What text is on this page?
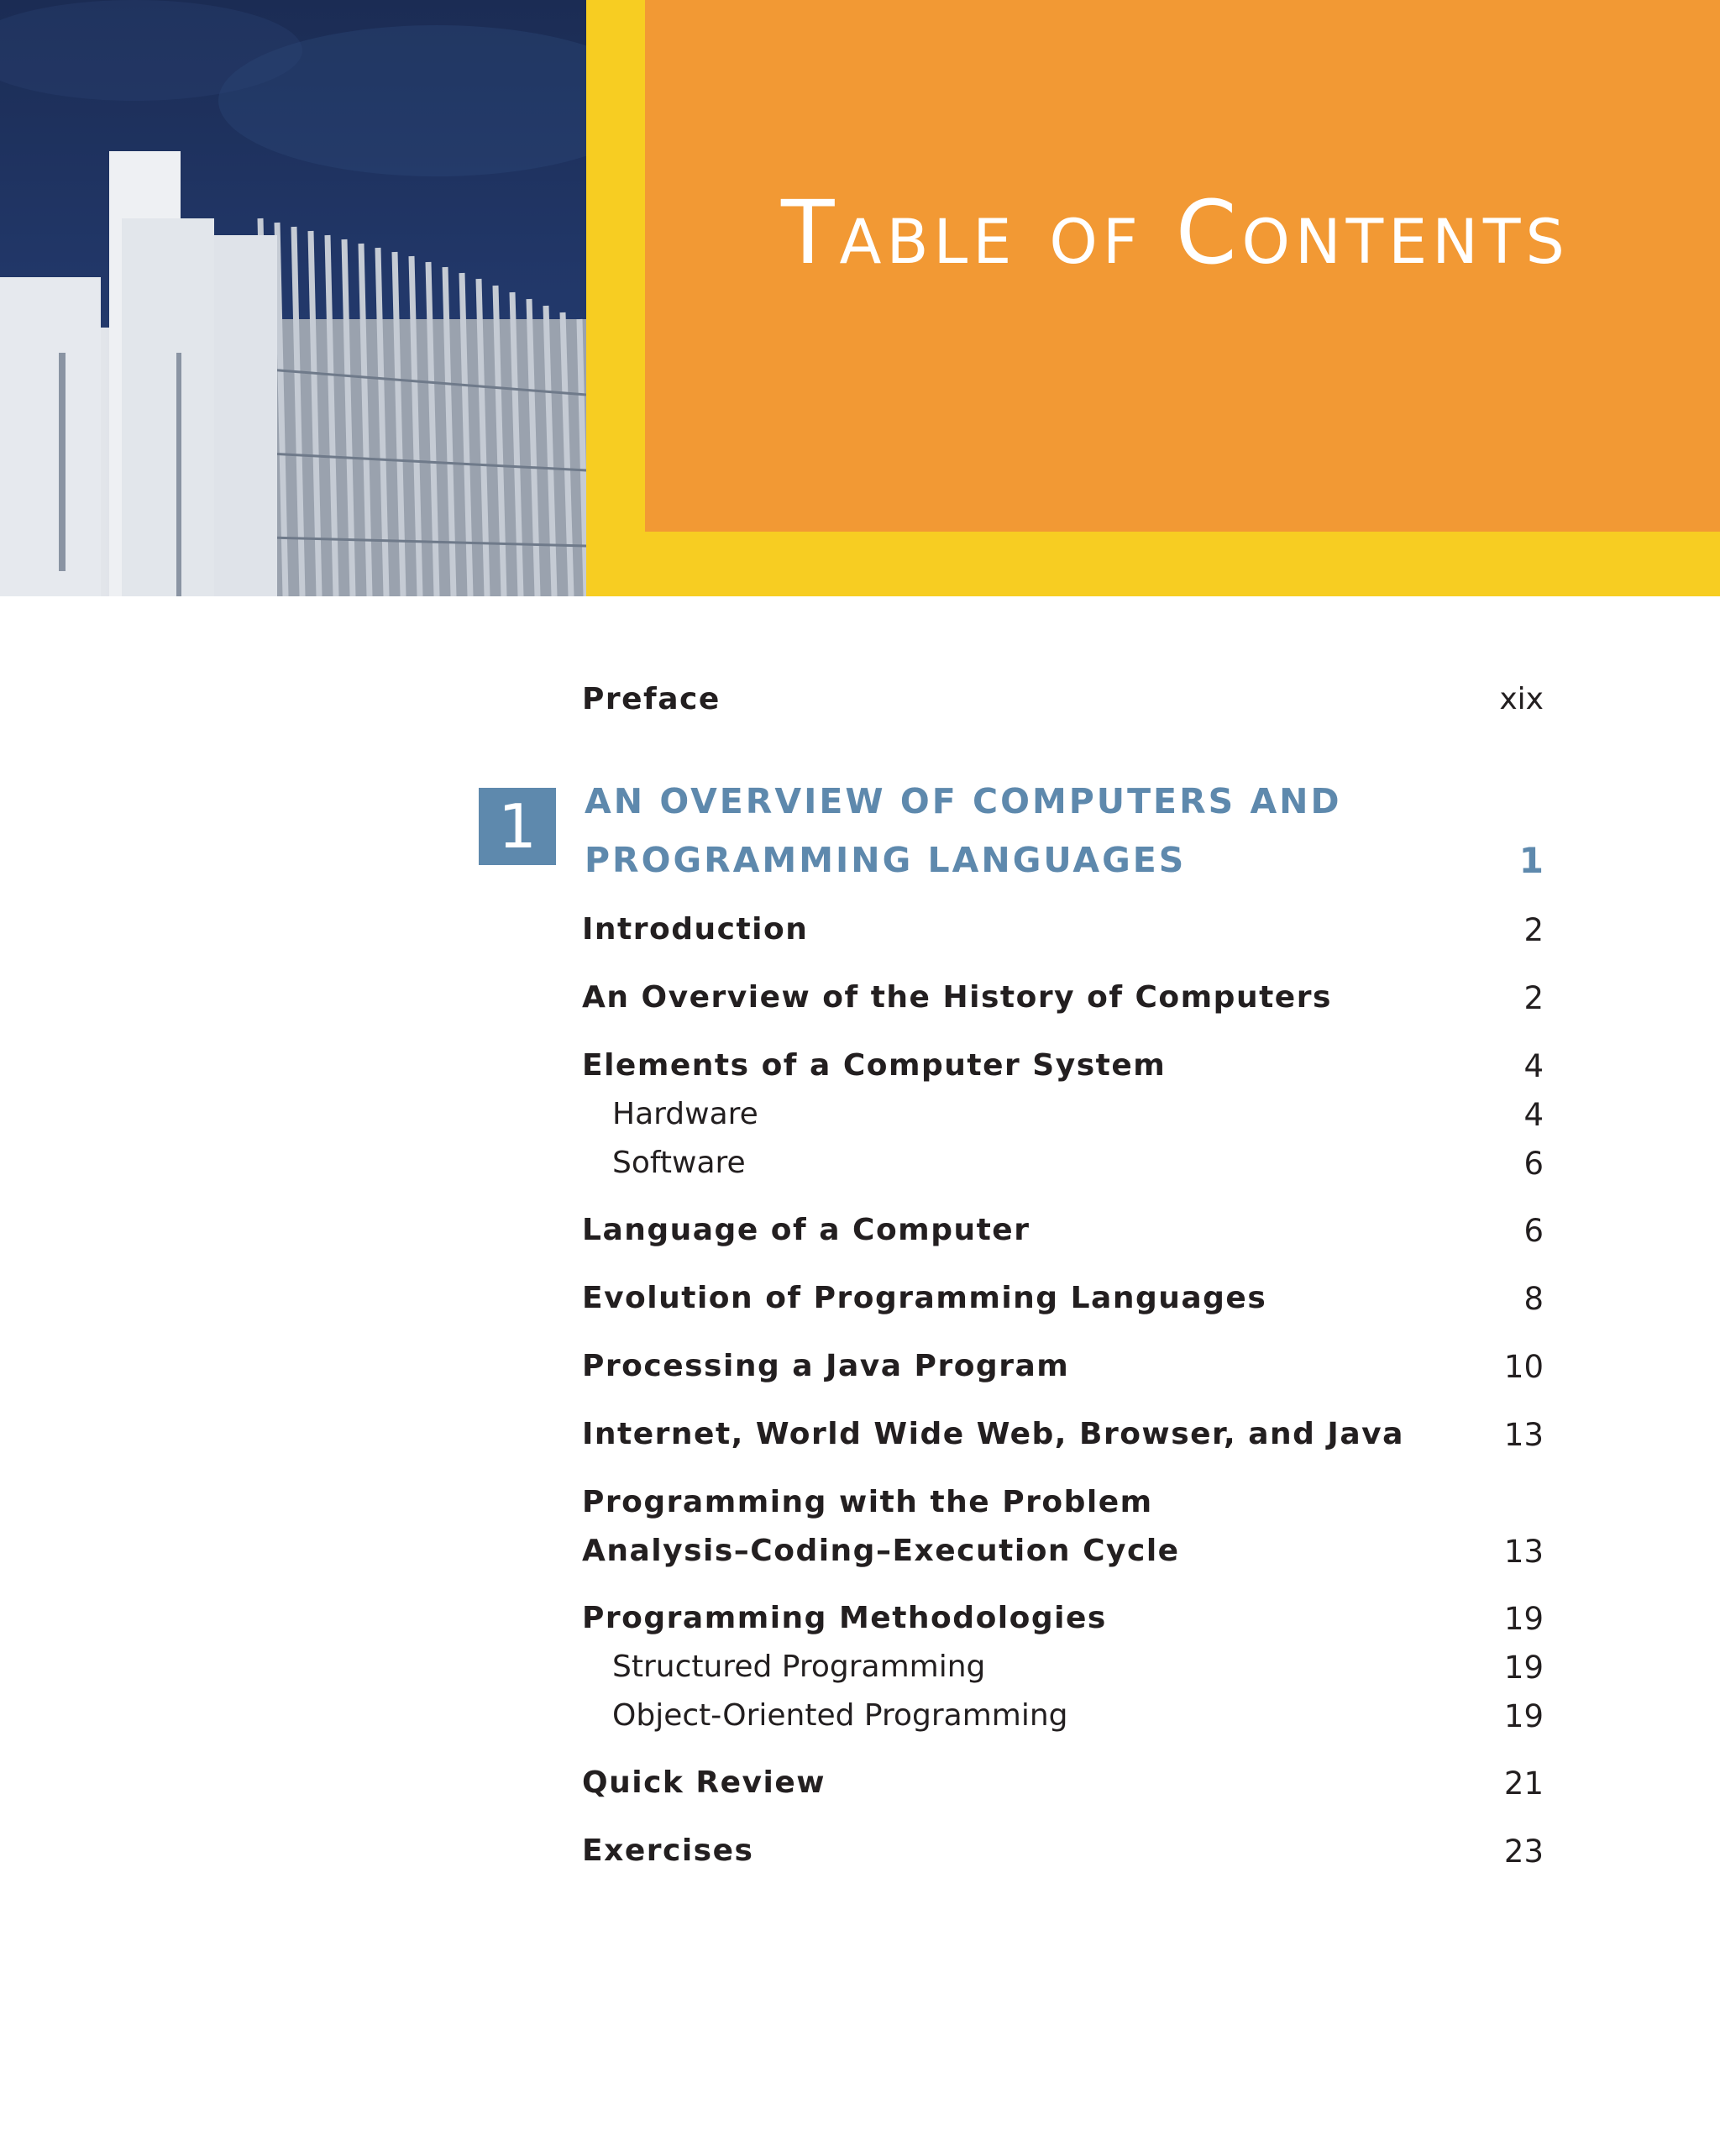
Table of Contents
Preface	xix
1	AN OVERVIEW OF COMPUTERS AND
PROGRAMMING LANGUAGES	1
Introduction	2
An Overview of the History of Computers	2
Elements of a Computer System	4
Hardware	4
Software	6
Language of a Computer	6
Evolution of Programming Languages	8
Processing a Java Program	10
Internet, World Wide Web, Browser, and Java	13
Programming with the Problem
Analysis–Coding–Execution Cycle	13
Programming Methodologies	19
Structured Programming	19
Object-Oriented Programming	19
Quick Review	21
Exercises	23
